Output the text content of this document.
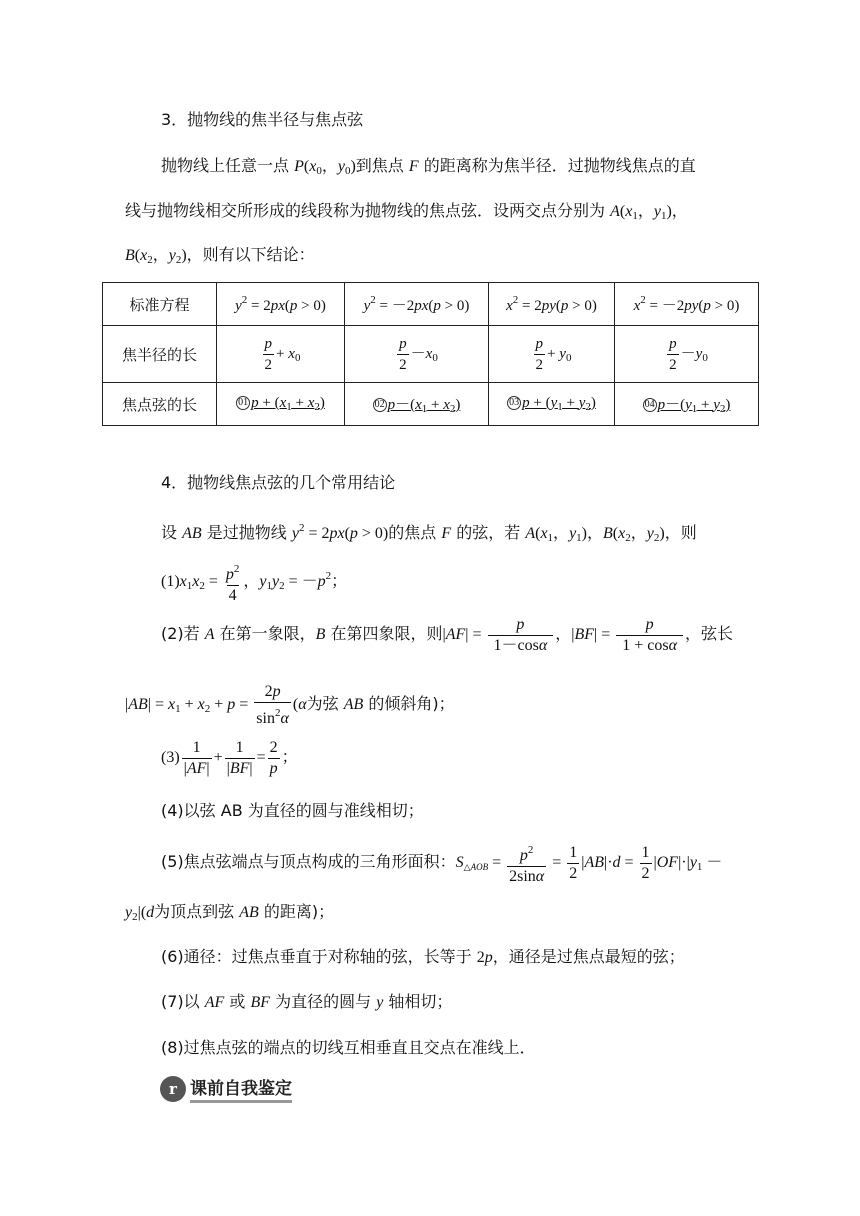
3．抛物线的焦半径与焦点弦
抛物线上任意一点 $P(x_0$，$y_0$)到焦点 F 的距离称为焦半径．过抛物线焦点的直
线与抛物线相交所形成的线段称为抛物线的焦点弦．设两交点分别为 $A(x_1$，$y_1$)，
$B(x_2$，$y_2$)，则有以下结论：
标准方程	$y^2 = 2px(p > 0)$	$y^2 = -2px(p > 0)$	$x^2 = 2py(p > 0)$	$x^2 = -2py(p > 0)$
焦半径的长	$\frac{p}{2} + x_0$	$\frac{p}{2} -x_0$	$\frac{p}{2} + y_0$	$\frac{p}{2} -y_0$
焦点弦的长	01 $p + (x_1 + x_2)$	02 $p-(x_1 + x_2)$	03 $p + (y_1 + y_2)$	04 $p-(y_1 + y_2)$
4．抛物线焦点弦的几个常用结论
设 AB 是过抛物线 $y^2 = 2px(p > 0)$的焦点 F 的弦，若 $A(x_1$，$y_1$)，$B(x_2$，$y_2$)，则
$(1)x_1x_2 = \frac{p^2}{4}$ ，$y_1y_2 = -p^2$；
(2)若 A 在第一象限，B 在第四象限，则$|AF| = \frac{p}{1-\cos\alpha}$ ，$|BF| = \frac{p}{1 + \cos\alpha}$ ，弦长
$|AB| = x_1 + x_2 + p = \frac{2p}{\sin^2\alpha} (\alpha$为弦 AB 的倾斜角)；
$(3) \frac{1}{|AF|} + \frac{1}{|BF|} = \frac{2}{p}$ ；
(4)以弦 AB 为直径的圆与准线相切；
(5)焦点弦端点与顶点构成的三角形面积：$S_{\triangle AOB} = \frac{p^2}{2\sin\alpha} = \frac{1}{2} |AB|\cdot d = \frac{1}{2} |OF|\cdot|y_1$ －
$y_2|(d$为顶点到弦 AB 的距离)；
(6)通径：过焦点垂直于对称轴的弦，长等于 2p，通径是过焦点最短的弦；
(7)以 AF 或 BF 为直径的圆与 y 轴相切；
(8)过焦点弦的端点的切线互相垂直且交点在准线上．
r 课前自我鉴定
